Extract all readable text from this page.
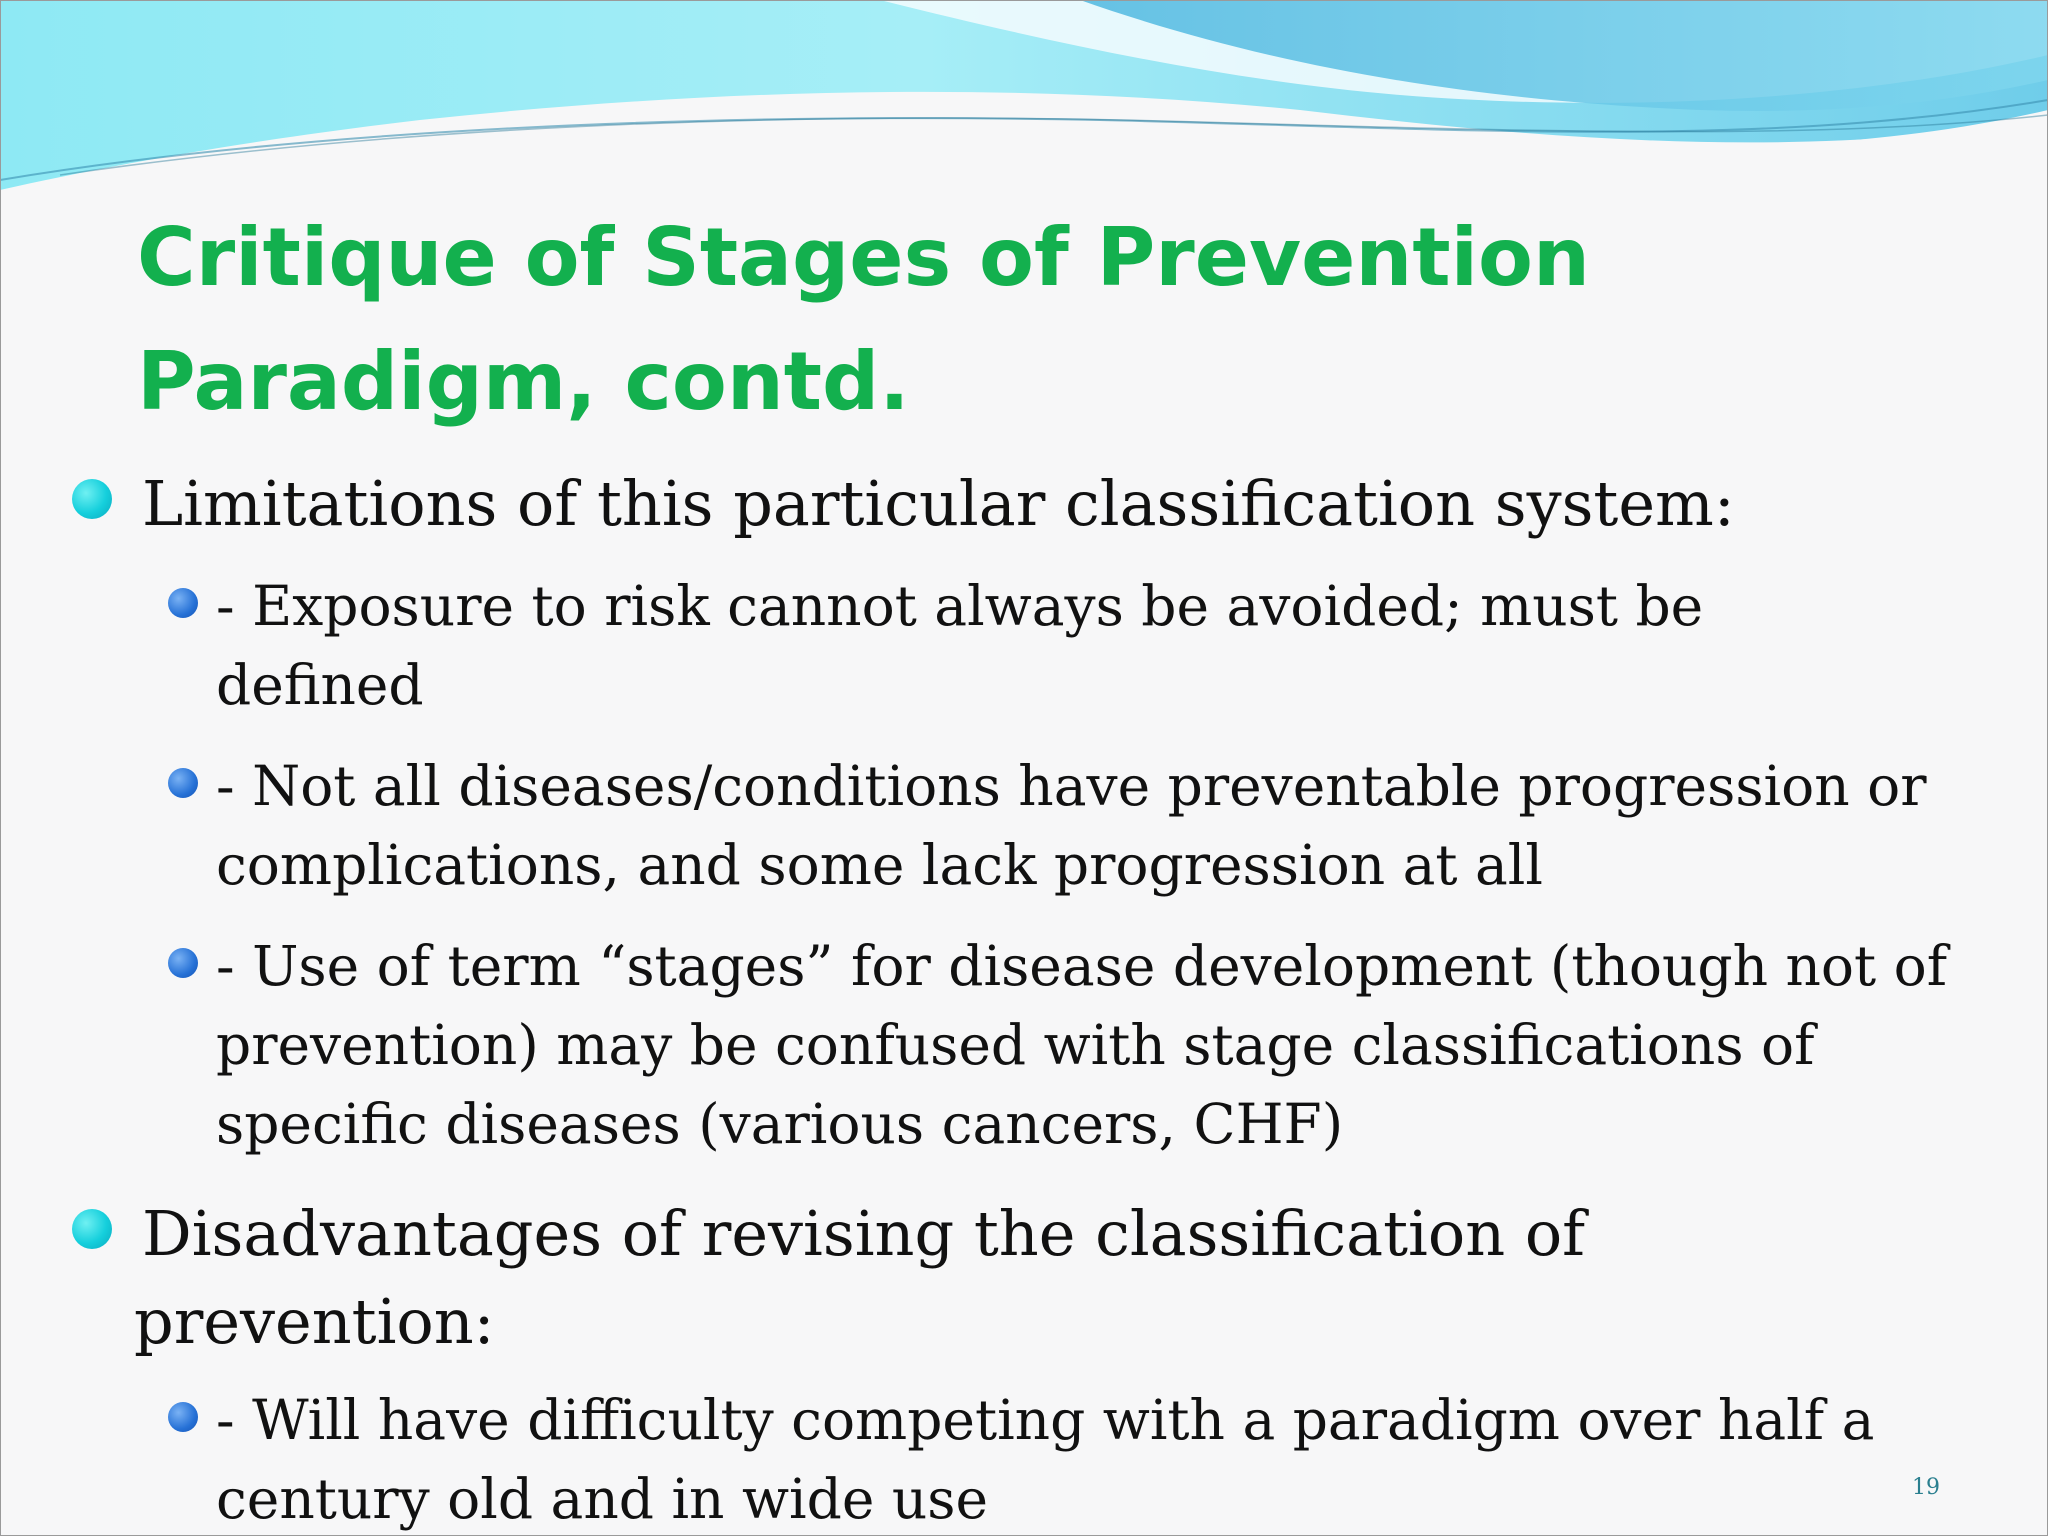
Critique of Stages of Prevention Paradigm, contd.

Limitations of this particular classification system:

- Exposure to risk cannot always be avoided; must be defined

- Not all diseases/conditions have preventable progression or complications, and some lack progression at all

- Use of term “stages” for disease development (though not of prevention) may be confused with stage classifications of specific diseases (various cancers, CHF)

Disadvantages of revising the classification of prevention:

- Will have difficulty competing with a paradigm over half a century old and in wide use	19
